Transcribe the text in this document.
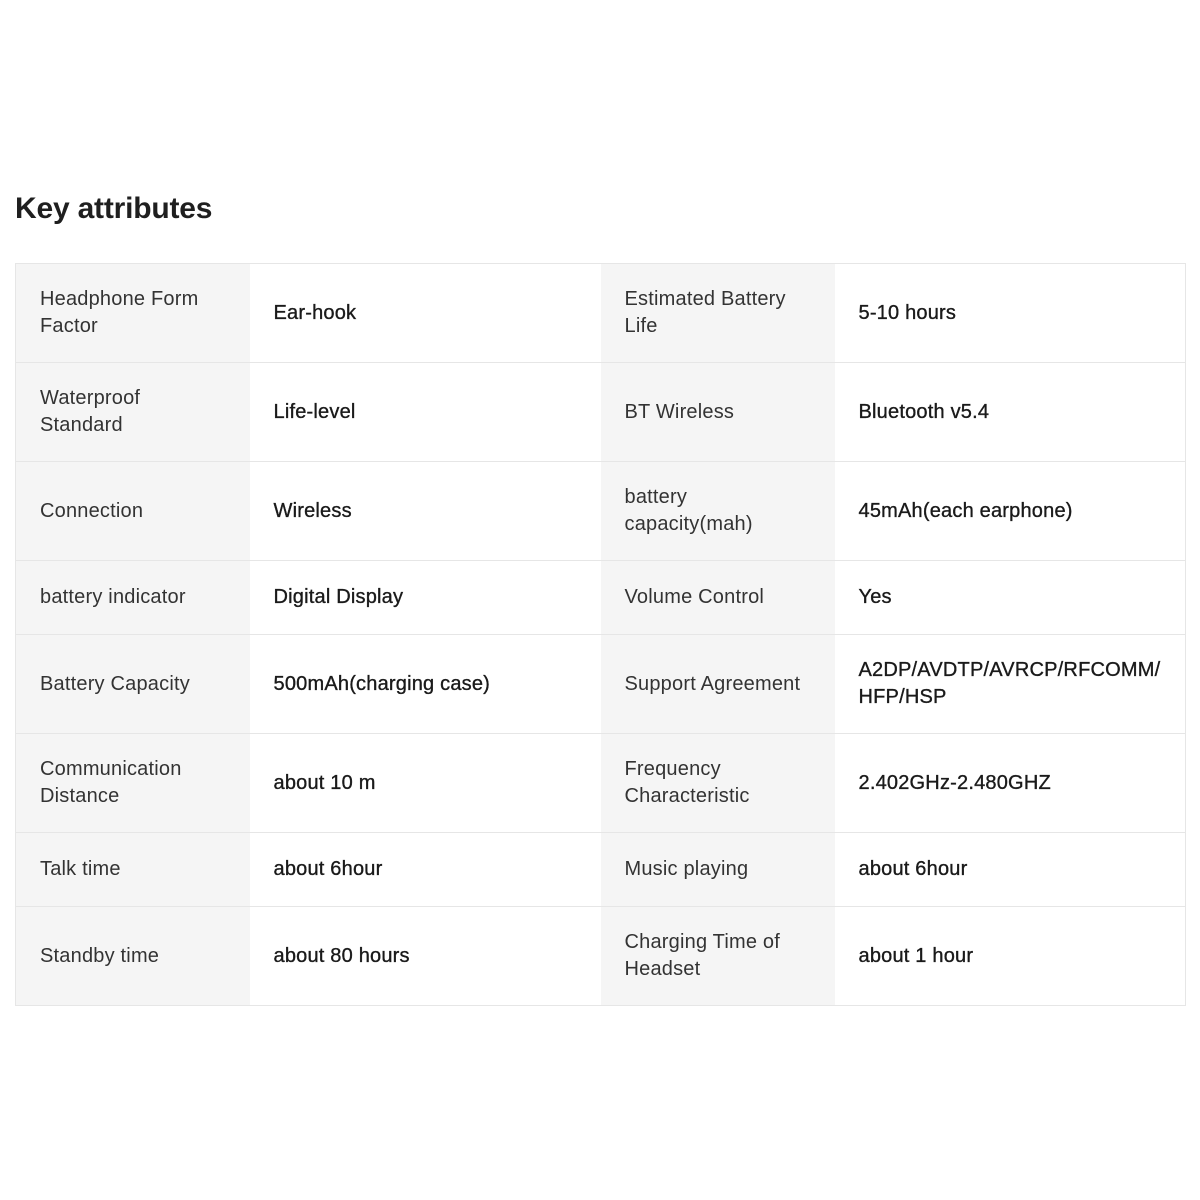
Key attributes
Headphone Form Factor	Ear-hook	Estimated Battery Life	5-10 hours
Waterproof Standard	Life-level	BT Wireless	Bluetooth v5.4
Connection	Wireless	battery capacity(mah)	45mAh(each earphone)
battery indicator	Digital Display	Volume Control	Yes
Battery Capacity	500mAh(charging case)	Support Agreement	A2DP/AVDTP/AVRCP/RFCOMM/HFP/HSP
Communication Distance	about 10 m	Frequency Characteristic	2.402GHz-2.480GHZ
Talk time	about 6hour	Music playing	about 6hour
Standby time	about 80 hours	Charging Time of Headset	about 1 hour
